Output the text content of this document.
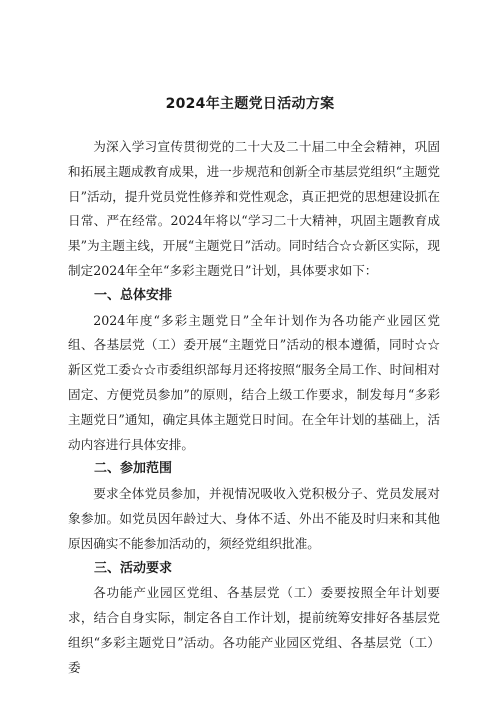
2024年主题党日活动方案

为深入学习宣传贯彻党的二十大及二十届二中全会精神，巩固和拓展主题成教育成果，进一步规范和创新全市基层党组织“主题党日”活动，提升党员党性修养和党性观念，真正把党的思想建设抓在日常、严在经常。2024年将以“学习二十大精神，巩固主题教育成果”为主题主线，开展“主题党日”活动。同时结合☆☆新区实际，现制定2024年全年“多彩主题党日”计划，具体要求如下：

一、总体安排

2024年度“多彩主题党日”全年计划作为各功能产业园区党组、各基层党（工）委开展“主题党日”活动的根本遵循，同时☆☆新区党工委☆☆市委组织部每月还将按照“服务全局工作、时间相对固定、方便党员参加”的原则，结合上级工作要求，制发每月“多彩主题党日”通知，确定具体主题党日时间。在全年计划的基础上，活动内容进行具体安排。

二、参加范围

要求全体党员参加，并视情况吸收入党积极分子、党员发展对象参加。如党员因年龄过大、身体不适、外出不能及时归来和其他原因确实不能参加活动的，须经党组织批准。

三、活动要求

各功能产业园区党组、各基层党（工）委要按照全年计划要求，结合自身实际，制定各自工作计划，提前统筹安排好各基层党组织“多彩主题党日”活动。各功能产业园区党组、各基层党（工）委
